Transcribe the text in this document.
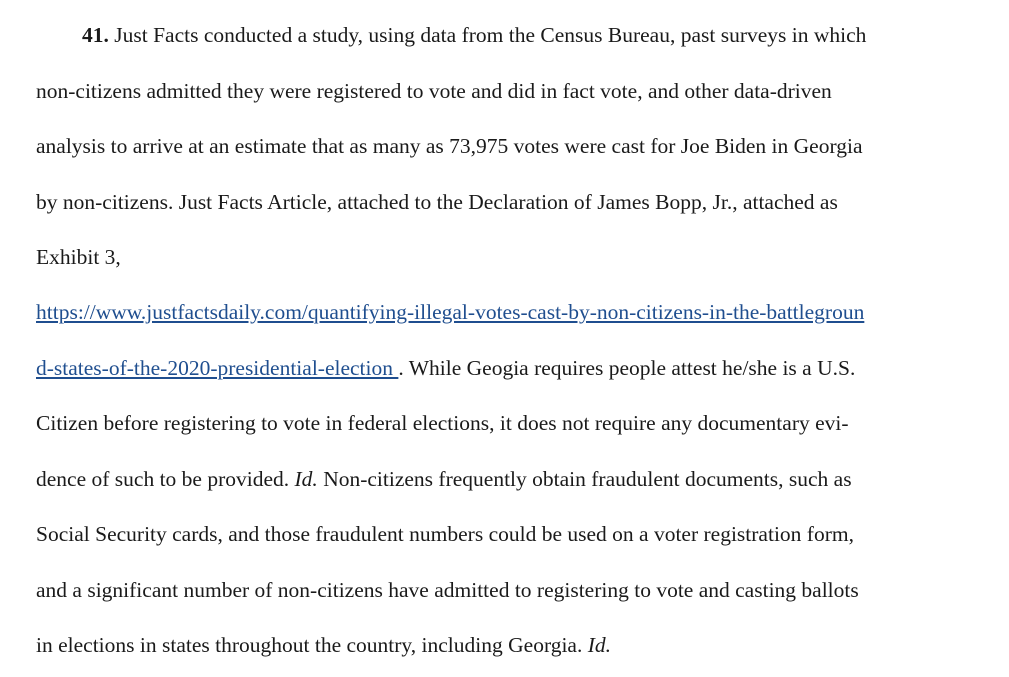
41. Just Facts conducted a study, using data from the Census Bureau, past surveys in which
non-citizens admitted they were registered to vote and did in fact vote, and other data-driven
analysis to arrive at an estimate that as many as 73,975 votes were cast for Joe Biden in Georgia
by non-citizens. Just Facts Article, attached to the Declaration of James Bopp, Jr., attached as
Exhibit 3,
https://www.justfactsdaily.com/quantifying-illegal-votes-cast-by-non-citizens-in-the-battlegroun
d-states-of-the-2020-presidential-election . While Geogia requires people attest he/she is a U.S.
Citizen before registering to vote in federal elections, it does not require any documentary evi-
dence of such to be provided. Id. Non-citizens frequently obtain fraudulent documents, such as
Social Security cards, and those fraudulent numbers could be used on a voter registration form,
and a significant number of non-citizens have admitted to registering to vote and casting ballots
in elections in states throughout the country, including Georgia. Id.
